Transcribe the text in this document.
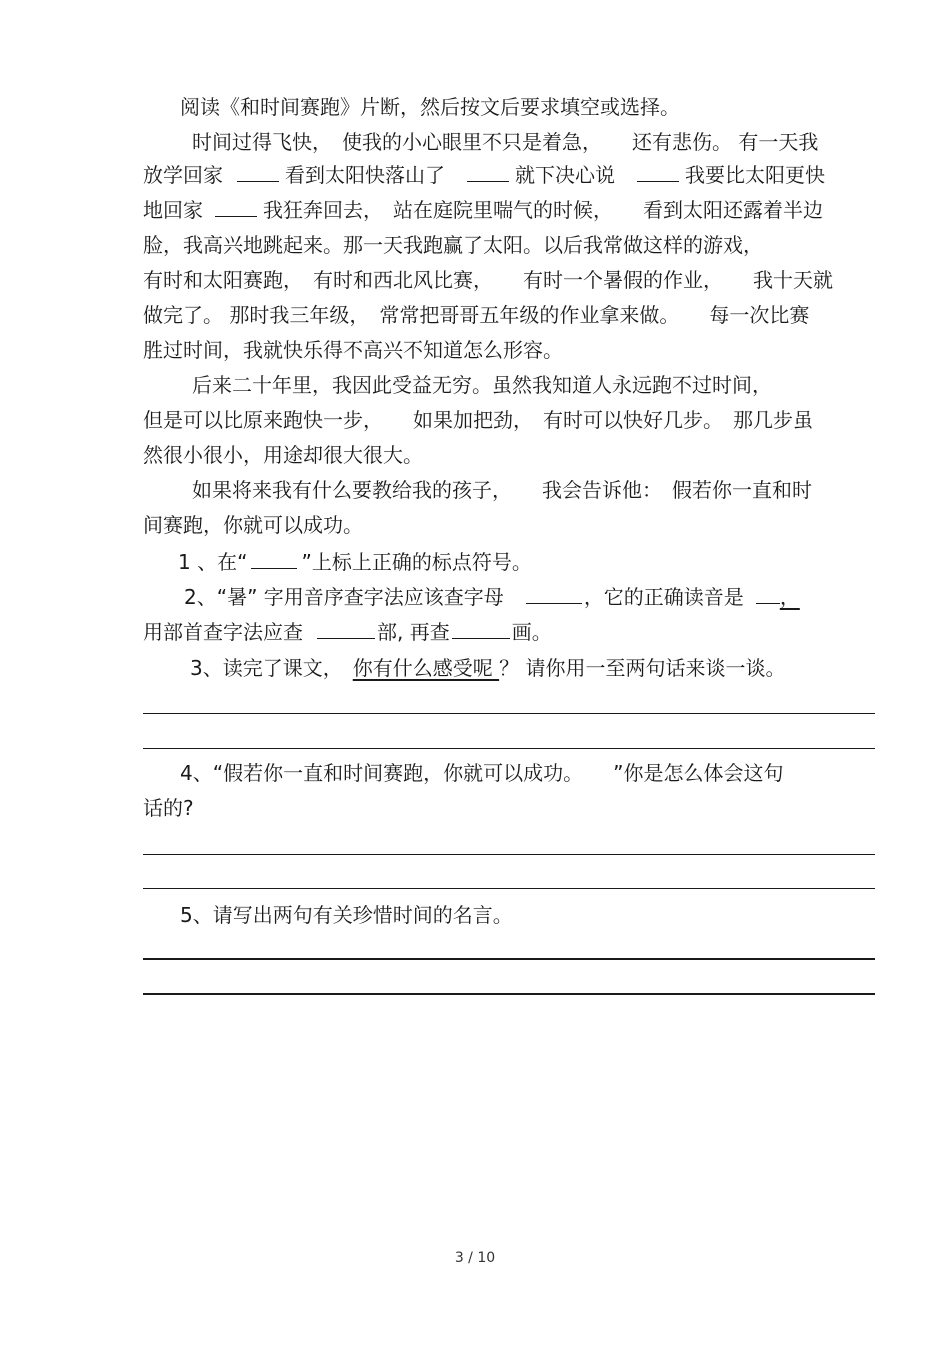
阅读《和时间赛跑》片断，然后按文后要求填空或选择。
时间过得飞快，　使我的小心眼里不只是着急，　　还有悲伤。 有一天我
放学回家	看到太阳快落山了	就下决心说	我要比太阳更快
地回家	我狂奔回去，　站在庭院里喘气的时候，　　看到太阳还露着半边
脸，我高兴地跳起来。那一天我跑赢了太阳。以后我常做这样的游戏，
有时和太阳赛跑，　有时和西北风比赛，　　有时一个暑假的作业，　　我十天就
做完了。 那时我三年级，　常常把哥哥五年级的作业拿来做。　　每一次比赛
胜过时间，我就快乐得不高兴不知道怎么形容。
后来二十年里，我因此受益无穷。虽然我知道人永远跑不过时间，
但是可以比原来跑快一步，　　如果加把劲，　有时可以快好几步。　那几步虽
然很小很小，用途却很大很大。
如果将来我有什么要教给我的孩子，　　我会告诉他：　假若你一直和时
间赛跑，你就可以成功。
1 、在“	”上标上正确的标点符号。
2、“暑” 字用音序查字法应该查字母	，它的正确读音是 ，
用部首查字法应查	部, 再查	画。
3、读完了课文，　你有什么感受呢 ？ 请你用一至两句话来谈一谈。
4、“假若你一直和时间赛跑，你就可以成功。　　”你是怎么体会这句
话的?
5、请写出两句有关珍惜时间的名言。
3 / 10
